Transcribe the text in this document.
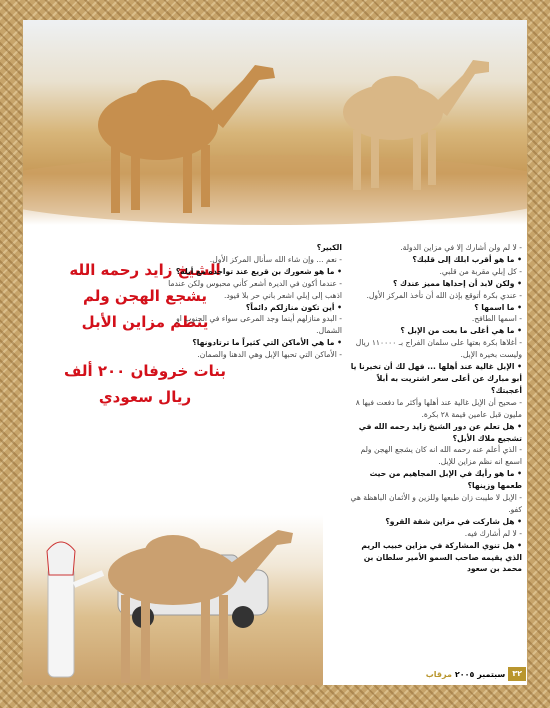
الشيخ زايد رحمه الله
يشجع الهجن ولم
ينظم مزاين الأبل
بنات خروفان ٢٠٠ ألف
ريال سعودي

الكبير؟

- نعم ... وإن شاء الله سأنال المركز الأول.

• ما هو شعورك بن قريع عند تواجده مع أبله؟

- عندما أكون في الديرة أشعر كأني محبوس ولكن عندما اذهب إلى إبلي اشعر باني حر بلا قيود.

• أين تكون منازلكم دائماً؟

- البدو منازلهم أينما وجد المرعى سواء في الجنوب او الشمال.

• ما هي الأماكن التي كثيراً ما ترتادونها؟

- الأماكن التي تحبها الإبل وهي الدهنا والصمان.

- لا لم ولن أشارك إلا في مزاين الدولة.

• ما هو أقرب ابلك إلى قلبك؟

- كل إبلي مقربة من قلبي.

• ولكن لابد أن إحداها مميز عندك ؟

- عندي بكرة أتوقع بإذن الله أن تأخذ المركز الأول.

• ما اسمها ؟

- اسمها الطافح.

• ما هي أغلى ما بعت من الإبل ؟

- أغلاها بكرة بعتها على سلمان الفراج بـ ١١٠٠٠٠ ريال وليست بخيرة الإبل.

• الإبل غالية عند أهلها ... فهل لك أن تخبرنا يا أبو مبارك عن أعلى سعر اشتريت به أبلاً أعجبتك؟

- صحيح أن الإبل غالية عند أهلها وأكثر ما دفعت فيها ٨ مليون قبل عامين قيمة ٢٨ بكرة.

• هل تعلم عن دور الشيخ زايد رحمه الله في تشجيع ملاك الأبل؟

- الذي أعلم عنه رحمه الله انه كان يشجع الهجن ولم اسمع انه نظم مزاين للإبل.

• ما هو رأيك في الإبل المجاهيم من حيث طعمها وزينها؟

- الإبل لا طيبت زان طبعها وللزين و الأثمان الباهظة هي كفو.

• هل شاركت في مزاين شقة القرو؟

- لا لم أشارك فيه.

• هل تنوي المشاركة في مزاين خبيب الريم الذي يقيمه صاحب السمو الأمير سلطان بن محمد بن سعود

٣٢
سبتمبر ٢٠٠٥
مرقاب
